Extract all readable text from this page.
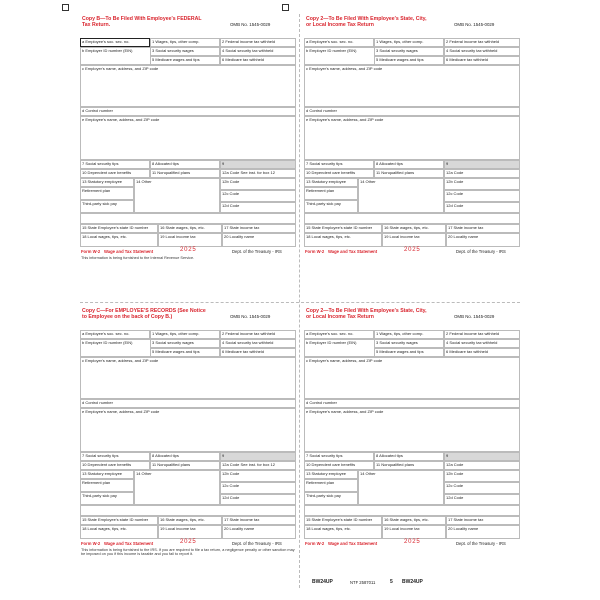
Copy B—To Be Filed With Employee's FEDERAL Tax Return.	OMB No. 1545-0029
a Employee's soc. sec. no.	1 Wages, tips, other comp.	2 Federal income tax withheld
b Employer ID number (EIN)	3 Social security wages	4 Social security tax withheld
5 Medicare wages and tips	6 Medicare tax withheld
c Employer's name, address, and ZIP code
d Control number
e Employee's name, address, and ZIP code
7 Social security tips	8 Allocated tips	9
10 Dependent care benefits	11 Nonqualified plans	12a Code See inst. for box 12
13 Statutory employee	14 Other	12b Code
Retirement plan
12c Code
Third-party sick pay	12d Code
15 State Employee's state ID number	16 State wages, tips, etc.	17 State income tax
18 Local wages, tips, etc.	19 Local income tax	20 Locality name
Form W-2 Wage and Tax Statement	2025	Dept. of the Treasury - IRS
This information is being furnished to the Internal Revenue Service.
Copy 2—To Be Filed With Employee's State, City, or Local Income Tax Return	OMB No. 1545-0029
a Employee's soc. sec. no.	1 Wages, tips, other comp.	2 Federal income tax withheld
b Employer ID number (EIN)	3 Social security wages	4 Social security tax withheld
5 Medicare wages and tips	6 Medicare tax withheld
c Employer's name, address, and ZIP code
d Control number
e Employee's name, address, and ZIP code
7 Social security tips	8 Allocated tips	9
10 Dependent care benefits	11 Nonqualified plans	12a Code
13 Statutory employee	14 Other	12b Code
Retirement plan
12c Code
Third-party sick pay	12d Code
15 State Employee's state ID number	16 State wages, tips, etc.	17 State income tax
18 Local wages, tips, etc.	19 Local income tax	20 Locality name
Form W-2 Wage and Tax Statement	2025	Dept. of the Treasury - IRS
Copy C—For EMPLOYEE'S RECORDS (See Notice to Employee on the back of Copy B.)	OMB No. 1545-0029
a Employee's soc. sec. no.	1 Wages, tips, other comp.	2 Federal income tax withheld
b Employer ID number (EIN)	3 Social security wages	4 Social security tax withheld
5 Medicare wages and tips	6 Medicare tax withheld
c Employer's name, address, and ZIP code
d Control number
e Employee's name, address, and ZIP code
7 Social security tips	8 Allocated tips	9
10 Dependent care benefits	11 Nonqualified plans	12a Code See inst. for box 12
13 Statutory employee	14 Other	12b Code
Retirement plan
12c Code
Third-party sick pay	12d Code
15 State Employee's state ID number	16 State wages, tips, etc.	17 State income tax
18 Local wages, tips, etc.	19 Local income tax	20 Locality name
Form W-2 Wage and Tax Statement	2025	Dept. of the Treasury - IRS
This information is being furnished to the IRS. If you are required to file a tax return, a negligence penalty or other sanction may be imposed on you if this income is taxable and you fail to report it.
Copy 2—To Be Filed With Employee's State, City, or Local Income Tax Return	OMB No. 1545-0029
a Employee's soc. sec. no.	1 Wages, tips, other comp.	2 Federal income tax withheld
b Employer ID number (EIN)	3 Social security wages	4 Social security tax withheld
5 Medicare wages and tips	6 Medicare tax withheld
c Employer's name, address, and ZIP code
d Control number
e Employee's name, address, and ZIP code
7 Social security tips	8 Allocated tips	9
10 Dependent care benefits	11 Nonqualified plans	12a Code
13 Statutory employee	14 Other	12b Code
Retirement plan
12c Code
Third-party sick pay	12d Code
15 State Employee's state ID number	16 State wages, tips, etc.	17 State income tax
18 Local wages, tips, etc.	19 Local income tax	20 Locality name
Form W-2 Wage and Tax Statement	2025	Dept. of the Treasury - IRS
BW24UP	NTF 2587011	5 BW24UP
